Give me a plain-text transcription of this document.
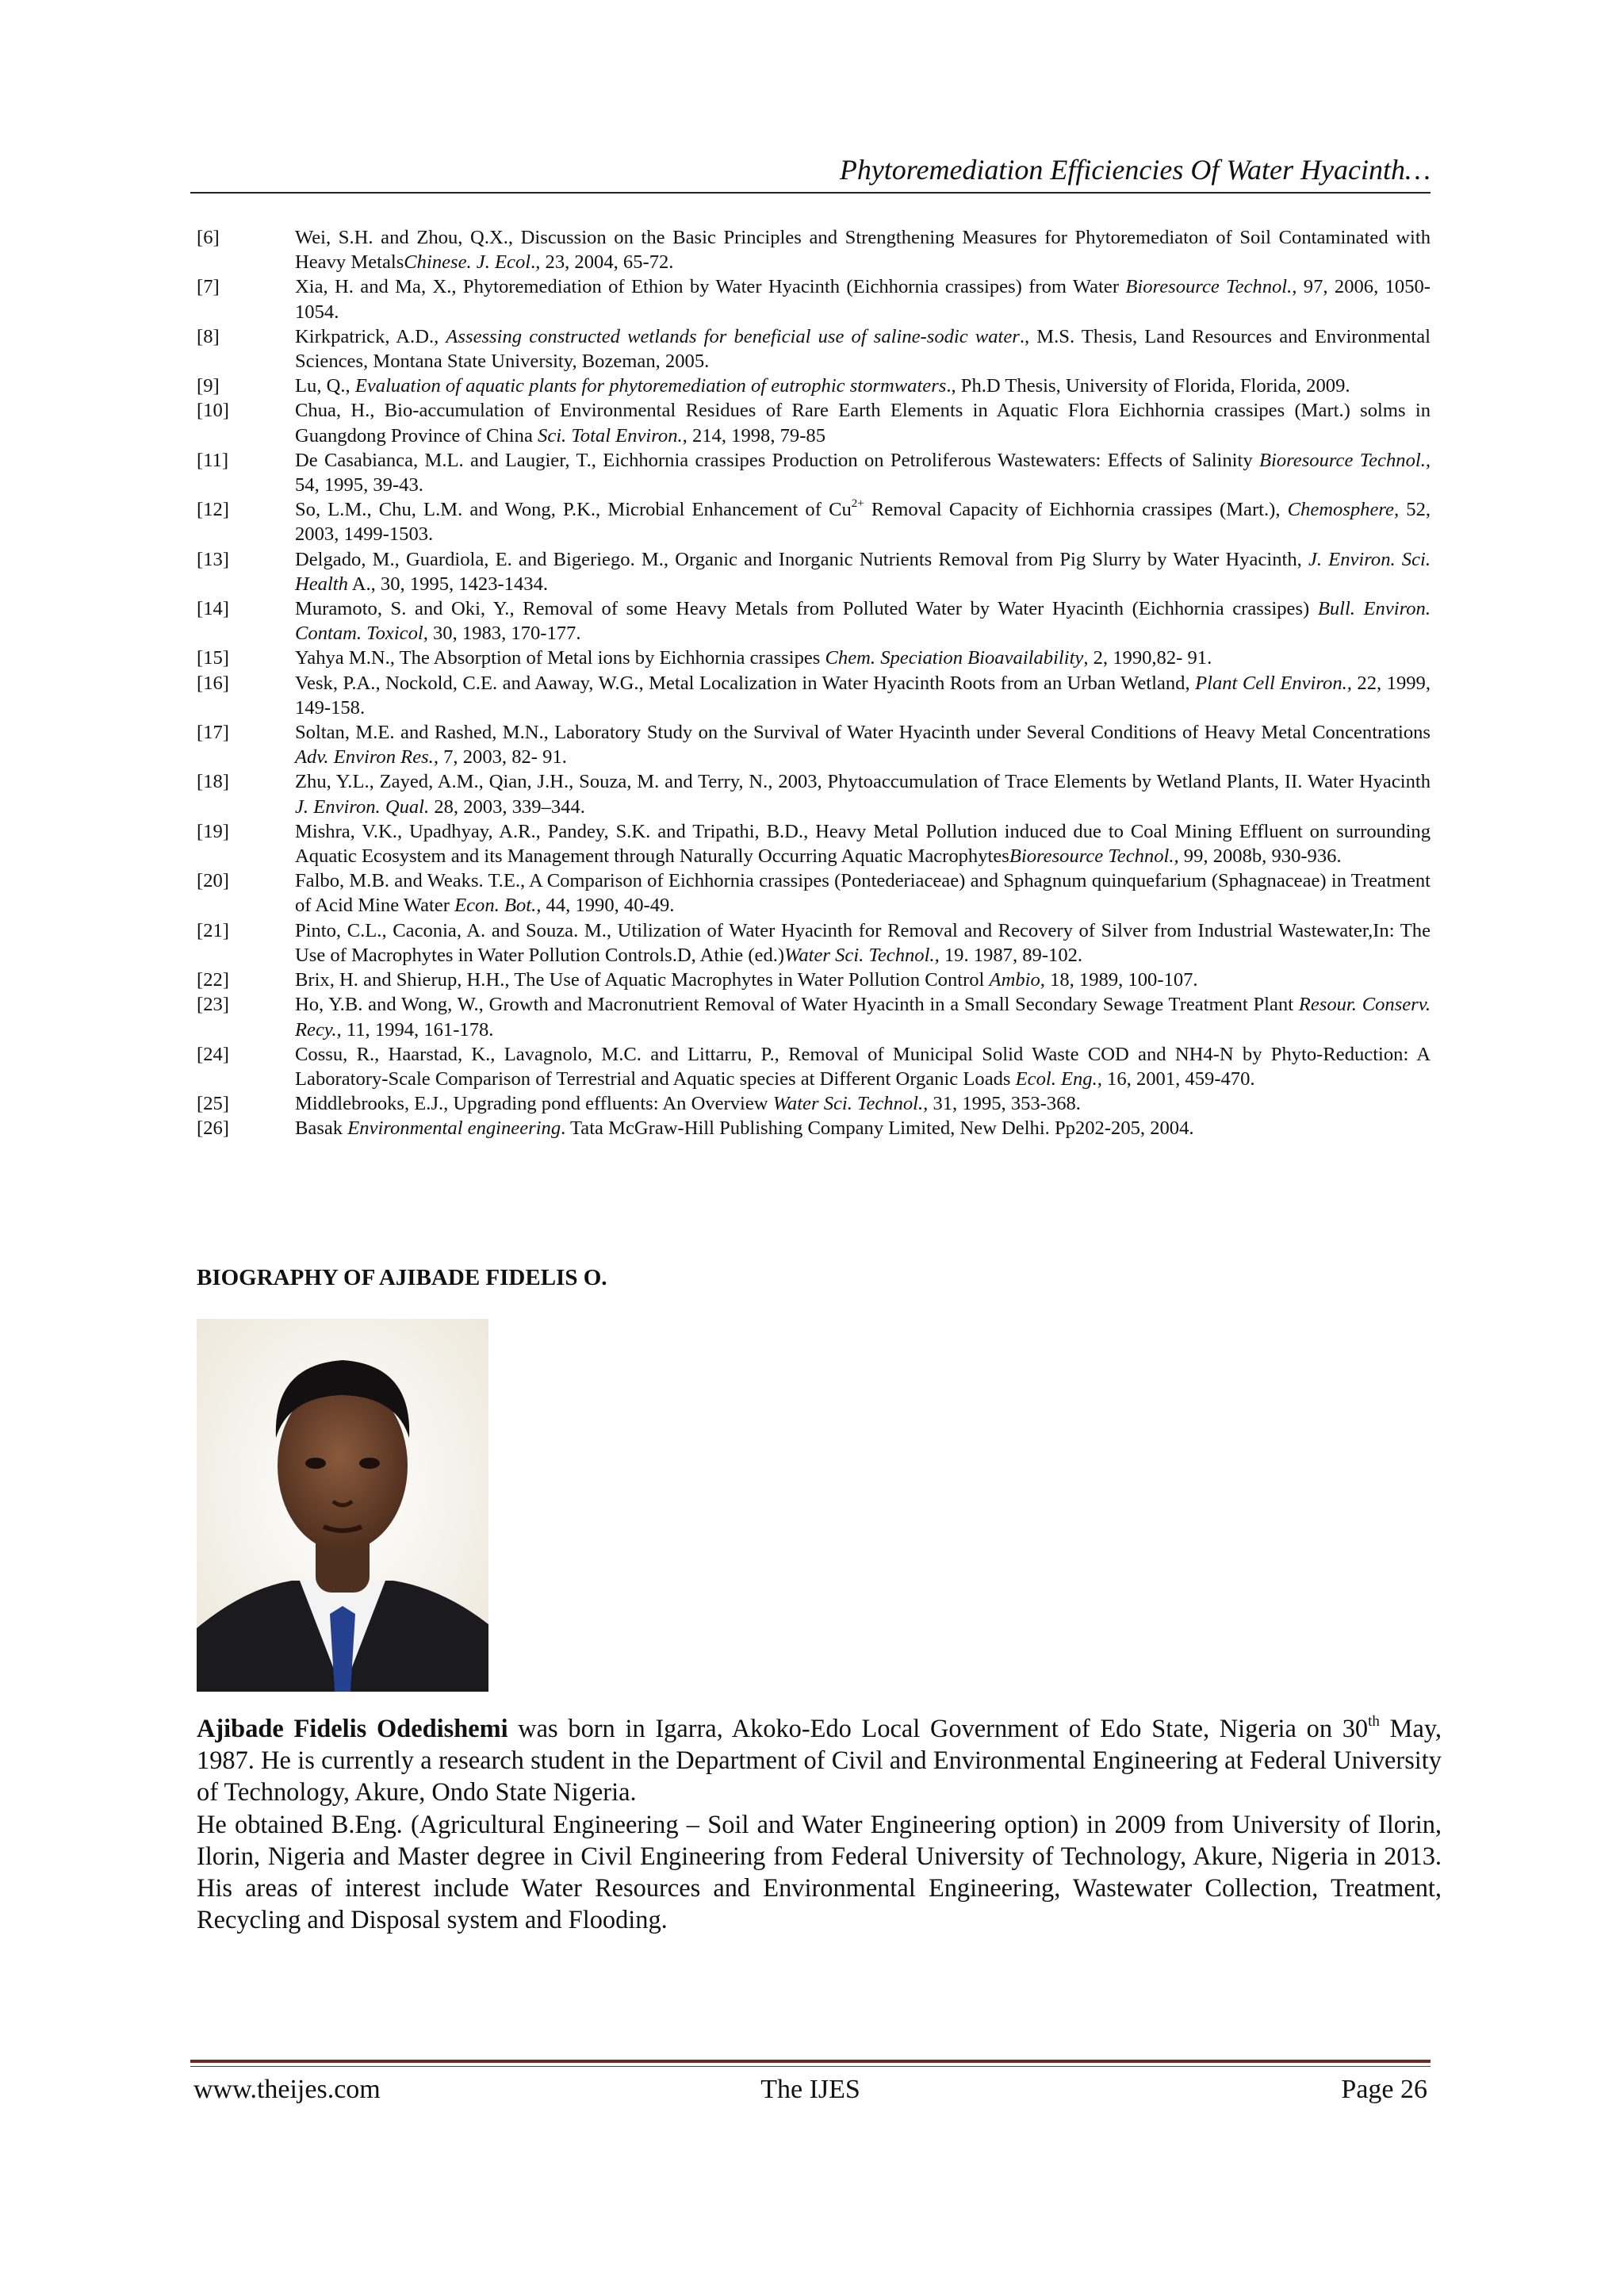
Phytoremediation Efficiencies Of Water Hyacinth…
[6]	Wei, S.H. and Zhou, Q.X., Discussion on the Basic Principles and Strengthening Measures for Phytoremediaton of Soil Contaminated with Heavy MetalsChinese. J. Ecol., 23, 2004, 65-72.
[7]	Xia, H. and Ma, X., Phytoremediation of Ethion by Water Hyacinth (Eichhornia crassipes) from Water Bioresource Technol., 97, 2006, 1050-1054.
[8]	Kirkpatrick, A.D., Assessing constructed wetlands for beneficial use of saline-sodic water., M.S. Thesis, Land Resources and Environmental Sciences, Montana State University, Bozeman, 2005.
[9]	Lu, Q., Evaluation of aquatic plants for phytoremediation of eutrophic stormwaters., Ph.D Thesis, University of Florida, Florida, 2009.
[10]	Chua, H., Bio-accumulation of Environmental Residues of Rare Earth Elements in Aquatic Flora Eichhornia crassipes (Mart.) solms in Guangdong Province of China Sci. Total Environ., 214, 1998, 79-85
[11]	De Casabianca, M.L. and Laugier, T., Eichhornia crassipes Production on Petroliferous Wastewaters: Effects of Salinity Bioresource Technol., 54, 1995, 39-43.
[12]	So, L.M., Chu, L.M. and Wong, P.K., Microbial Enhancement of $Cu^{2+}$ Removal Capacity of Eichhornia crassipes (Mart.), Chemosphere, 52, 2003, 1499-1503.
[13]	Delgado, M., Guardiola, E. and Bigeriego. M., Organic and Inorganic Nutrients Removal from Pig Slurry by Water Hyacinth, J. Environ. Sci. Health A., 30, 1995, 1423-1434.
[14]	Muramoto, S. and Oki, Y., Removal of some Heavy Metals from Polluted Water by Water Hyacinth (Eichhornia crassipes) Bull. Environ. Contam. Toxicol, 30, 1983, 170-177.
[15]	Yahya M.N., The Absorption of Metal ions by Eichhornia crassipes Chem. Speciation Bioavailability, 2, 1990,82- 91.
[16]	Vesk, P.A., Nockold, C.E. and Aaway, W.G., Metal Localization in Water Hyacinth Roots from an Urban Wetland, Plant Cell Environ., 22, 1999, 149-158.
[17]	Soltan, M.E. and Rashed, M.N., Laboratory Study on the Survival of Water Hyacinth under Several Conditions of Heavy Metal Concentrations Adv. Environ Res., 7, 2003, 82- 91.
[18]	Zhu, Y.L., Zayed, A.M., Qian, J.H., Souza, M. and Terry, N., 2003, Phytoaccumulation of Trace Elements by Wetland Plants, II. Water Hyacinth J. Environ. Qual. 28, 2003, 339–344.
[19]	Mishra, V.K., Upadhyay, A.R., Pandey, S.K. and Tripathi, B.D., Heavy Metal Pollution induced due to Coal Mining Effluent on surrounding Aquatic Ecosystem and its Management through Naturally Occurring Aquatic MacrophytesBioresource Technol., 99, 2008b, 930-936.
[20]	Falbo, M.B. and Weaks. T.E., A Comparison of Eichhornia crassipes (Pontederiaceae) and Sphagnum quinquefarium (Sphagnaceae) in Treatment of Acid Mine Water Econ. Bot., 44, 1990, 40-49.
[21]	Pinto, C.L., Caconia, A. and Souza. M., Utilization of Water Hyacinth for Removal and Recovery of Silver from Industrial Wastewater,In: The Use of Macrophytes in Water Pollution Controls.D, Athie (ed.)Water Sci. Technol., 19. 1987, 89-102.
[22]	Brix, H. and Shierup, H.H., The Use of Aquatic Macrophytes in Water Pollution Control Ambio, 18, 1989, 100-107.
[23]	Ho, Y.B. and Wong, W., Growth and Macronutrient Removal of Water Hyacinth in a Small Secondary Sewage Treatment Plant Resour. Conserv. Recy., 11, 1994, 161-178.
[24]	Cossu, R., Haarstad, K., Lavagnolo, M.C. and Littarru, P., Removal of Municipal Solid Waste COD and NH4-N by Phyto-Reduction: A Laboratory-Scale Comparison of Terrestrial and Aquatic species at Different Organic Loads Ecol. Eng., 16, 2001, 459-470.
[25]	Middlebrooks, E.J., Upgrading pond effluents: An Overview Water Sci. Technol., 31, 1995, 353-368.
[26]	Basak Environmental engineering. Tata McGraw-Hill Publishing Company Limited, New Delhi. Pp202-205, 2004.
BIOGRAPHY OF AJIBADE FIDELIS O.

Ajibade Fidelis Odedishemi was born in Igarra, Akoko-Edo Local Government of Edo State, Nigeria on 30th May, 1987. He is currently a research student in the Department of Civil and Environmental Engineering at Federal University of Technology, Akure, Ondo State Nigeria.

He obtained B.Eng. (Agricultural Engineering – Soil and Water Engineering option) in 2009 from University of Ilorin, Ilorin, Nigeria and Master degree in Civil Engineering from Federal University of Technology, Akure, Nigeria in 2013. His areas of interest include Water Resources and Environmental Engineering, Wastewater Collection, Treatment, Recycling and Disposal system and Flooding.

www.theijes.com	The IJES	Page 26
